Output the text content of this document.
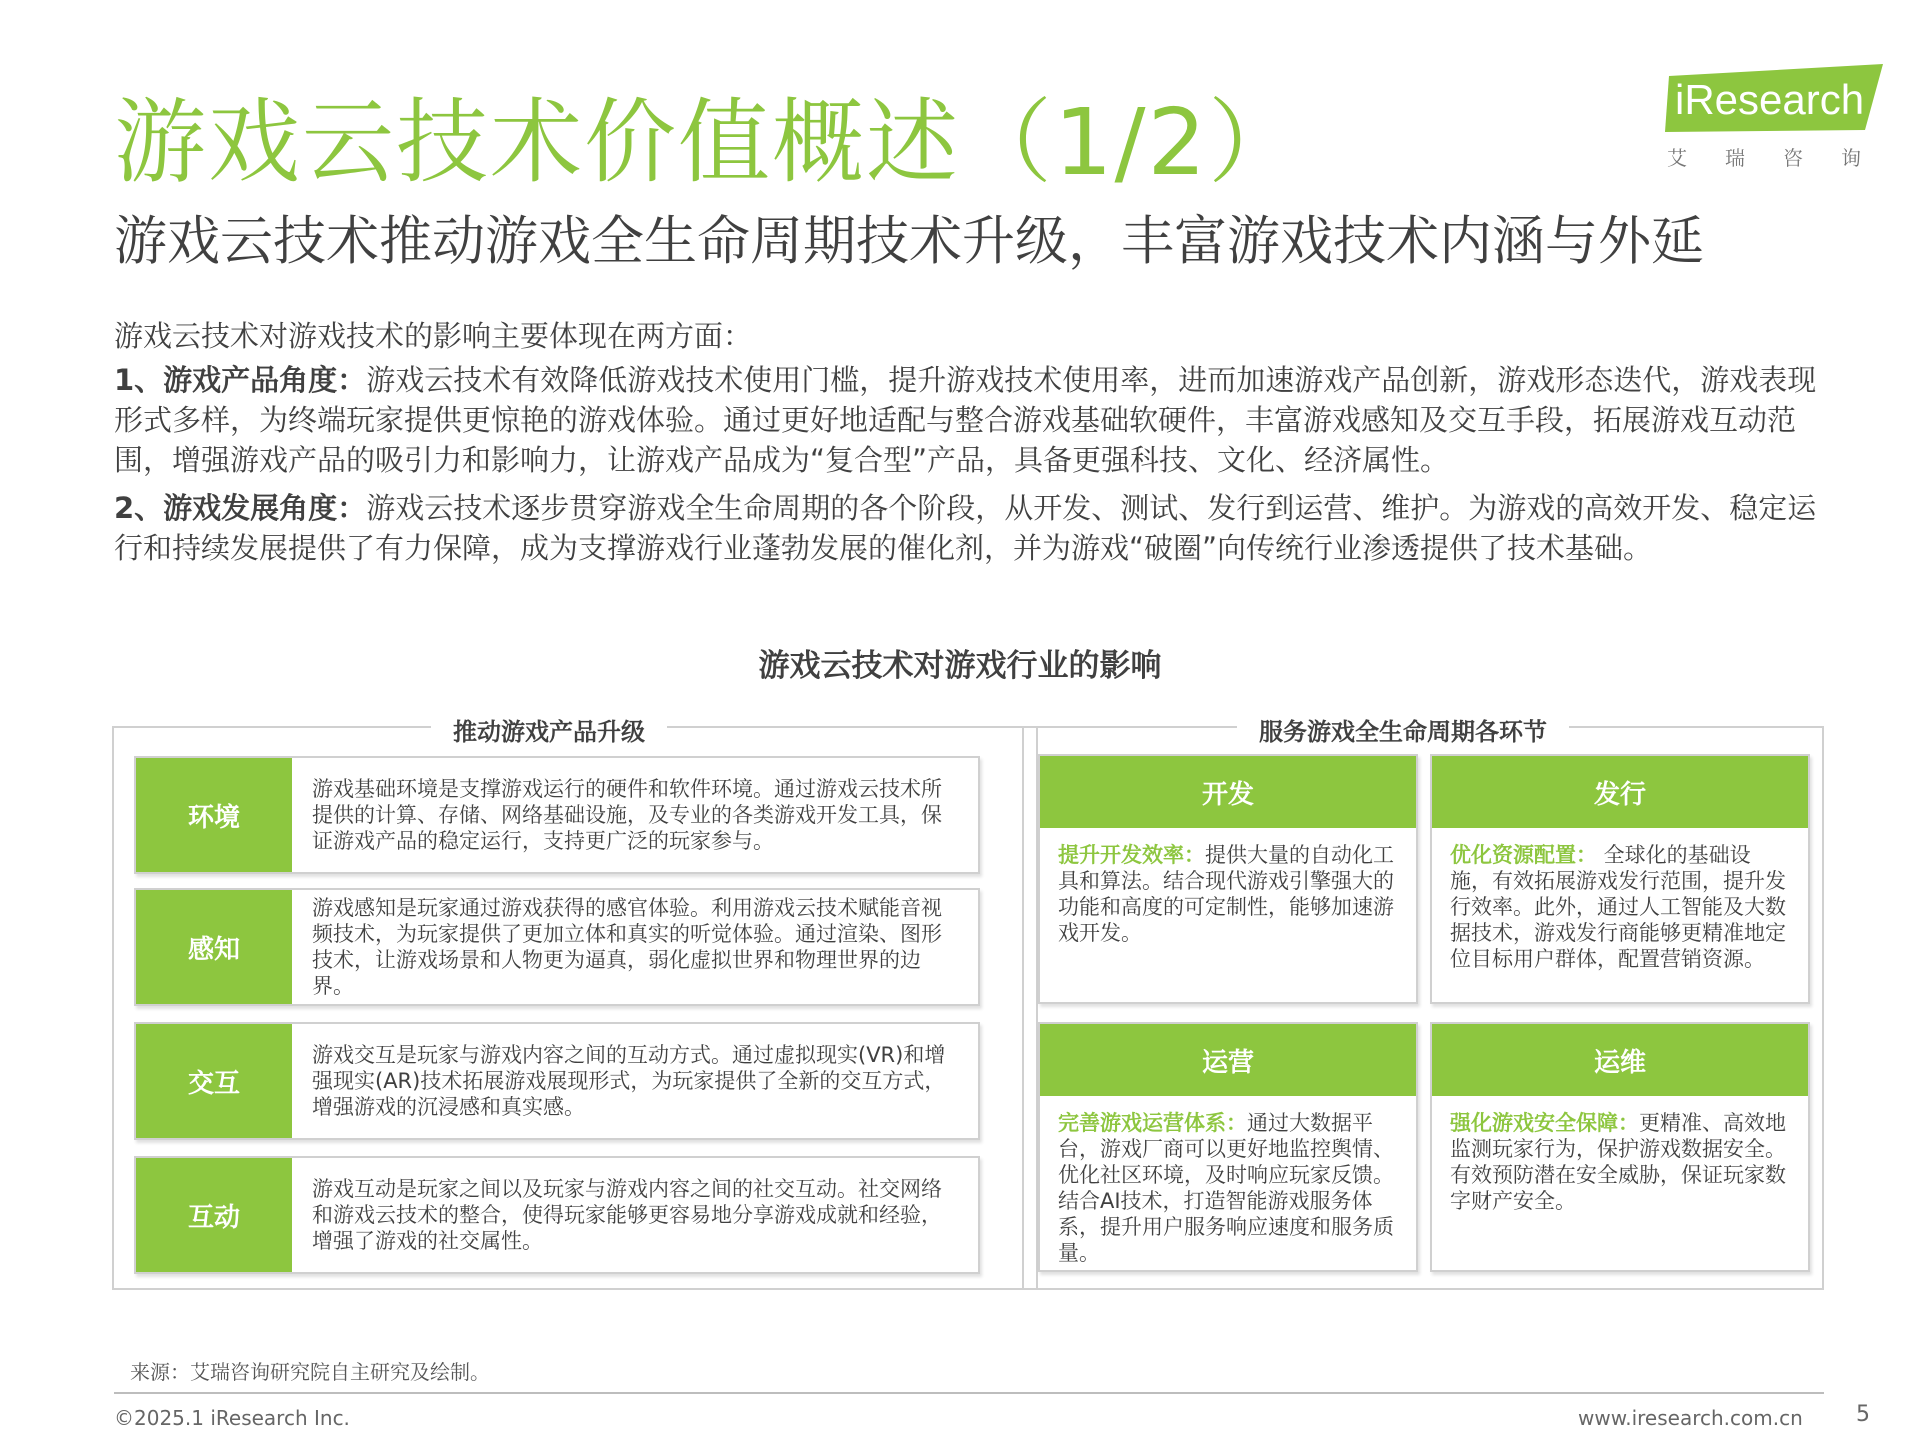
游戏云技术价值概述（1/2）
游戏云技术推动游戏全生命周期技术升级，丰富游戏技术内涵与外延
iResearch
艾瑞咨询
游戏云技术对游戏技术的影响主要体现在两方面：
1、游戏产品角度：游戏云技术有效降低游戏技术使用门槛，提升游戏技术使用率，进而加速游戏产品创新，游戏形态迭代，游戏表现形式多样，为终端玩家提供更惊艳的游戏体验。通过更好地适配与整合游戏基础软硬件，丰富游戏感知及交互手段，拓展游戏互动范围，增强游戏产品的吸引力和影响力，让游戏产品成为“复合型”产品，具备更强科技、文化、经济属性。
2、游戏发展角度：游戏云技术逐步贯穿游戏全生命周期的各个阶段，从开发、测试、发行到运营、维护。为游戏的高效开发、稳定运行和持续发展提供了有力保障，成为支撑游戏行业蓬勃发展的催化剂，并为游戏“破圈”向传统行业渗透提供了技术基础。
游戏云技术对游戏行业的影响
推动游戏产品升级
环境
游戏基础环境是支撑游戏运行的硬件和软件环境。通过游戏云技术所提供的计算、存储、网络基础设施，及专业的各类游戏开发工具，保证游戏产品的稳定运行，支持更广泛的玩家参与。
感知
游戏感知是玩家通过游戏获得的感官体验。利用游戏云技术赋能音视频技术，为玩家提供了更加立体和真实的听觉体验。通过渲染、图形技术，让游戏场景和人物更为逼真，弱化虚拟世界和物理世界的边界。
交互
游戏交互是玩家与游戏内容之间的互动方式。通过虚拟现实(VR)和增强现实(AR)技术拓展游戏展现形式，为玩家提供了全新的交互方式，增强游戏的沉浸感和真实感。
互动
游戏互动是玩家之间以及玩家与游戏内容之间的社交互动。社交网络和游戏云技术的整合，使得玩家能够更容易地分享游戏成就和经验，增强了游戏的社交属性。
服务游戏全生命周期各环节
开发
提升开发效率：提供大量的自动化工具和算法。结合现代游戏引擎强大的功能和高度的可定制性，能够加速游戏开发。
发行
优化资源配置： 全球化的基础设施，有效拓展游戏发行范围，提升发行效率。此外，通过人工智能及大数据技术，游戏发行商能够更精准地定位目标用户群体，配置营销资源。
运营
完善游戏运营体系：通过大数据平台，游戏厂商可以更好地监控舆情、优化社区环境，及时响应玩家反馈。结合AI技术，打造智能游戏服务体系，提升用户服务响应速度和服务质量。
运维
强化游戏安全保障：更精准、高效地监测玩家行为，保护游戏数据安全。有效预防潜在安全威胁，保证玩家数字财产安全。
来源：艾瑞咨询研究院自主研究及绘制。
©2025.1 iResearch Inc.	www.iresearch.com.cn 5
